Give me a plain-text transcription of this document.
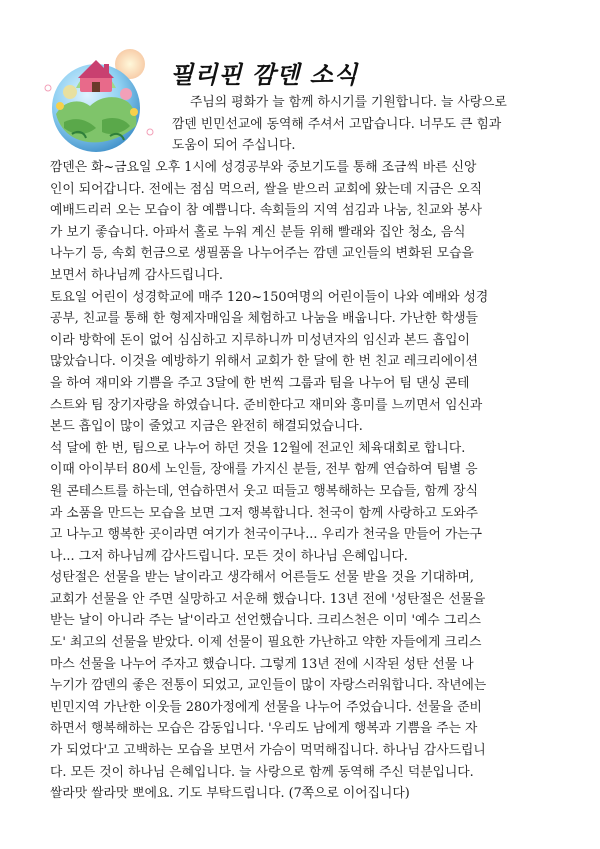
필리핀 깜덴 소식
주님의 평화가 늘 함께 하시기를 기원합니다. 늘 사랑으로
깜덴 빈민선교에 동역해 주셔서 고맙습니다. 너무도 큰 힘과
도움이 되어 주십니다.
깜덴은 화~금요일 오후 1시에 성경공부와 중보기도를 통해 조금씩 바른 신앙
인이 되어갑니다. 전에는 점심 먹으러, 쌀을 받으러 교회에 왔는데 지금은 오직
예배드리러 오는 모습이 참 예쁩니다. 속회들의 지역 섬김과 나눔, 친교와 봉사
가 보기 좋습니다. 아파서 홀로 누워 계신 분들 위해 빨래와 집안 청소, 음식
나누기 등, 속회 헌금으로 생필품을 나누어주는 깜덴 교인들의 변화된 모습을
보면서 하나님께 감사드립니다.
토요일 어린이 성경학교에 매주 120~150여명의 어린이들이 나와 예배와 성경
공부, 친교를 통해 한 형제자매임을 체험하고 나눔을 배웁니다. 가난한 학생들
이라 방학에 돈이 없어 심심하고 지루하니까 미성년자의 임신과 본드 흡입이
많았습니다. 이것을 예방하기 위해서 교회가 한 달에 한 번 친교 레크리에이션
을 하여 재미와 기쁨을 주고 3달에 한 번씩 그룹과 팀을 나누어 팀 댄싱 콘테
스트와 팀 장기자랑을 하였습니다. 준비한다고 재미와 흥미를 느끼면서 임신과
본드 흡입이 많이 줄었고 지금은 완전히 해결되었습니다.
석 달에 한 번, 팀으로 나누어 하던 것을 12월에 전교인 체육대회로 합니다.
이때 아이부터 80세 노인들, 장애를 가지신 분들, 전부 함께 연습하여 팀별 응
원 콘테스트를 하는데, 연습하면서 웃고 떠들고 행복해하는 모습들, 함께 장식
과 소품을 만드는 모습을 보면 그저 행복합니다. 천국이 함께 사랑하고 도와주
고 나누고 행복한 곳이라면 여기가 천국이구나... 우리가 천국을 만들어 가는구
나... 그저 하나님께 감사드립니다. 모든 것이 하나님 은혜입니다.
성탄절은 선물을 받는 날이라고 생각해서 어른들도 선물 받을 것을 기대하며,
교회가 선물을 안 주면 실망하고 서운해 했습니다. 13년 전에 '성탄절은 선물을
받는 날이 아니라 주는 날'이라고 선언했습니다. 크리스천은 이미 '예수 그리스
도' 최고의 선물을 받았다. 이제 선물이 필요한 가난하고 약한 자들에게 크리스
마스 선물을 나누어 주자고 했습니다. 그렇게 13년 전에 시작된 성탄 선물 나
누기가 깜덴의 좋은 전통이 되었고, 교인들이 많이 자랑스러워합니다. 작년에는
빈민지역 가난한 이웃들 280가정에게 선물을 나누어 주었습니다. 선물을 준비
하면서 행복해하는 모습은 감동입니다. '우리도 남에게 행복과 기쁨을 주는 자
가 되었다'고 고백하는 모습을 보면서 가슴이 먹먹해집니다. 하나님 감사드립니
다. 모든 것이 하나님 은혜입니다. 늘 사랑으로 함께 동역해 주신 덕분입니다.
쌀라맛 쌀라맛 뽀에요. 기도 부탁드립니다. (7쪽으로 이어집니다)
